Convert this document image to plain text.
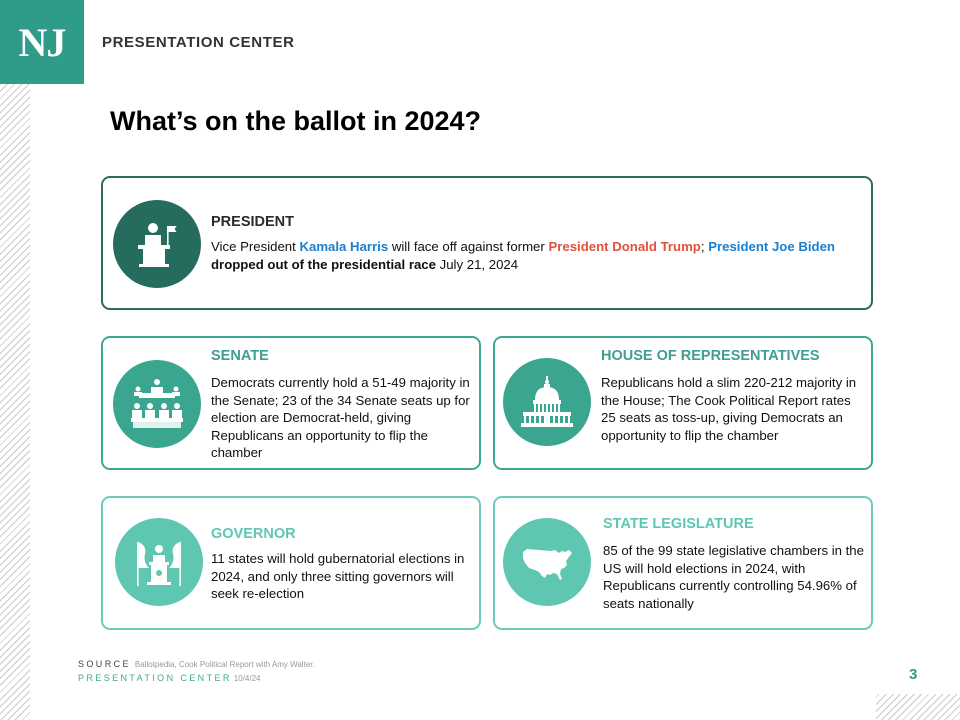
NJ	PRESENTATION CENTER
What’s on the ballot in 2024?
PRESIDENT
Vice President Kamala Harris will face off against former President Donald Trump; President Joe Biden dropped out of the presidential race July 21, 2024
SENATE
Democrats currently hold a 51-49 majority in the Senate; 23 of the 34 Senate seats up for election are Democrat-held, giving Republicans an opportunity to flip the chamber
HOUSE OF REPRESENTATIVES
Republicans hold a slim 220-212 majority in the House; The Cook Political Report rates 25 seats as toss-up, giving Democrats an opportunity to flip the chamber
GOVERNOR
11 states will hold gubernatorial elections in 2024, and only three sitting governors will seek re-election
STATE LEGISLATURE
85 of the 99 state legislative chambers in the US will hold elections in 2024, with Republicans currently controlling 54.96% of seats nationally
SOURCE Ballotpedia, Cook Political Report with Amy Walter.
PRESENTATION CENTER 10/4/24	3
